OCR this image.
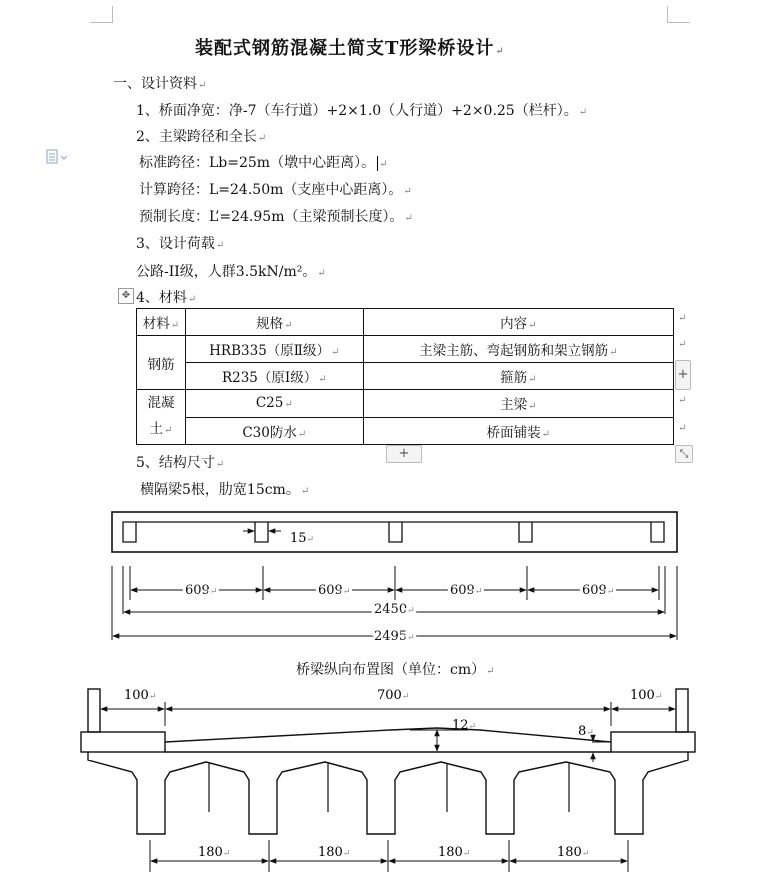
装配式钢筋混凝土简支T形梁桥设计↵
一、设计资料↵
1、桥面净宽：净-7（车行道）+2×1.0（人行道）+2×0.25（栏杆）。↵
2、主梁跨径和全长↵
标准跨径：Lb=25m（墩中心距离）。 ↵
计算跨径：L=24.50m（支座中心距离）。↵
预制长度：L’=24.95m（主梁预制长度）。↵
3、设计荷载↵
公路-II级，人群3.5kN/m²。↵
✥ 4、材料↵
材料↵	规格↵	内容↵
钢筋	HRB335（原Ⅱ级）↵	主梁主筋、弯起钢筋和架立钢筋↵
	R235（原Ⅰ级）↵	箍筋↵
混凝
土↵	C25↵	主梁↵
	C30防水↵	桥面铺装↵
↵
↵
↵
↵
+
+	⤡
5、结构尺寸↵
横隔梁5根，肋宽15cm。↵
15↵
609↵	609↵	609↵	609↵
2450↵
2495↵
桥梁纵向布置图（单位：cm）↵
100↵	700↵	100↵
12↵	8↵
180↵	180↵	180↵	180↵
